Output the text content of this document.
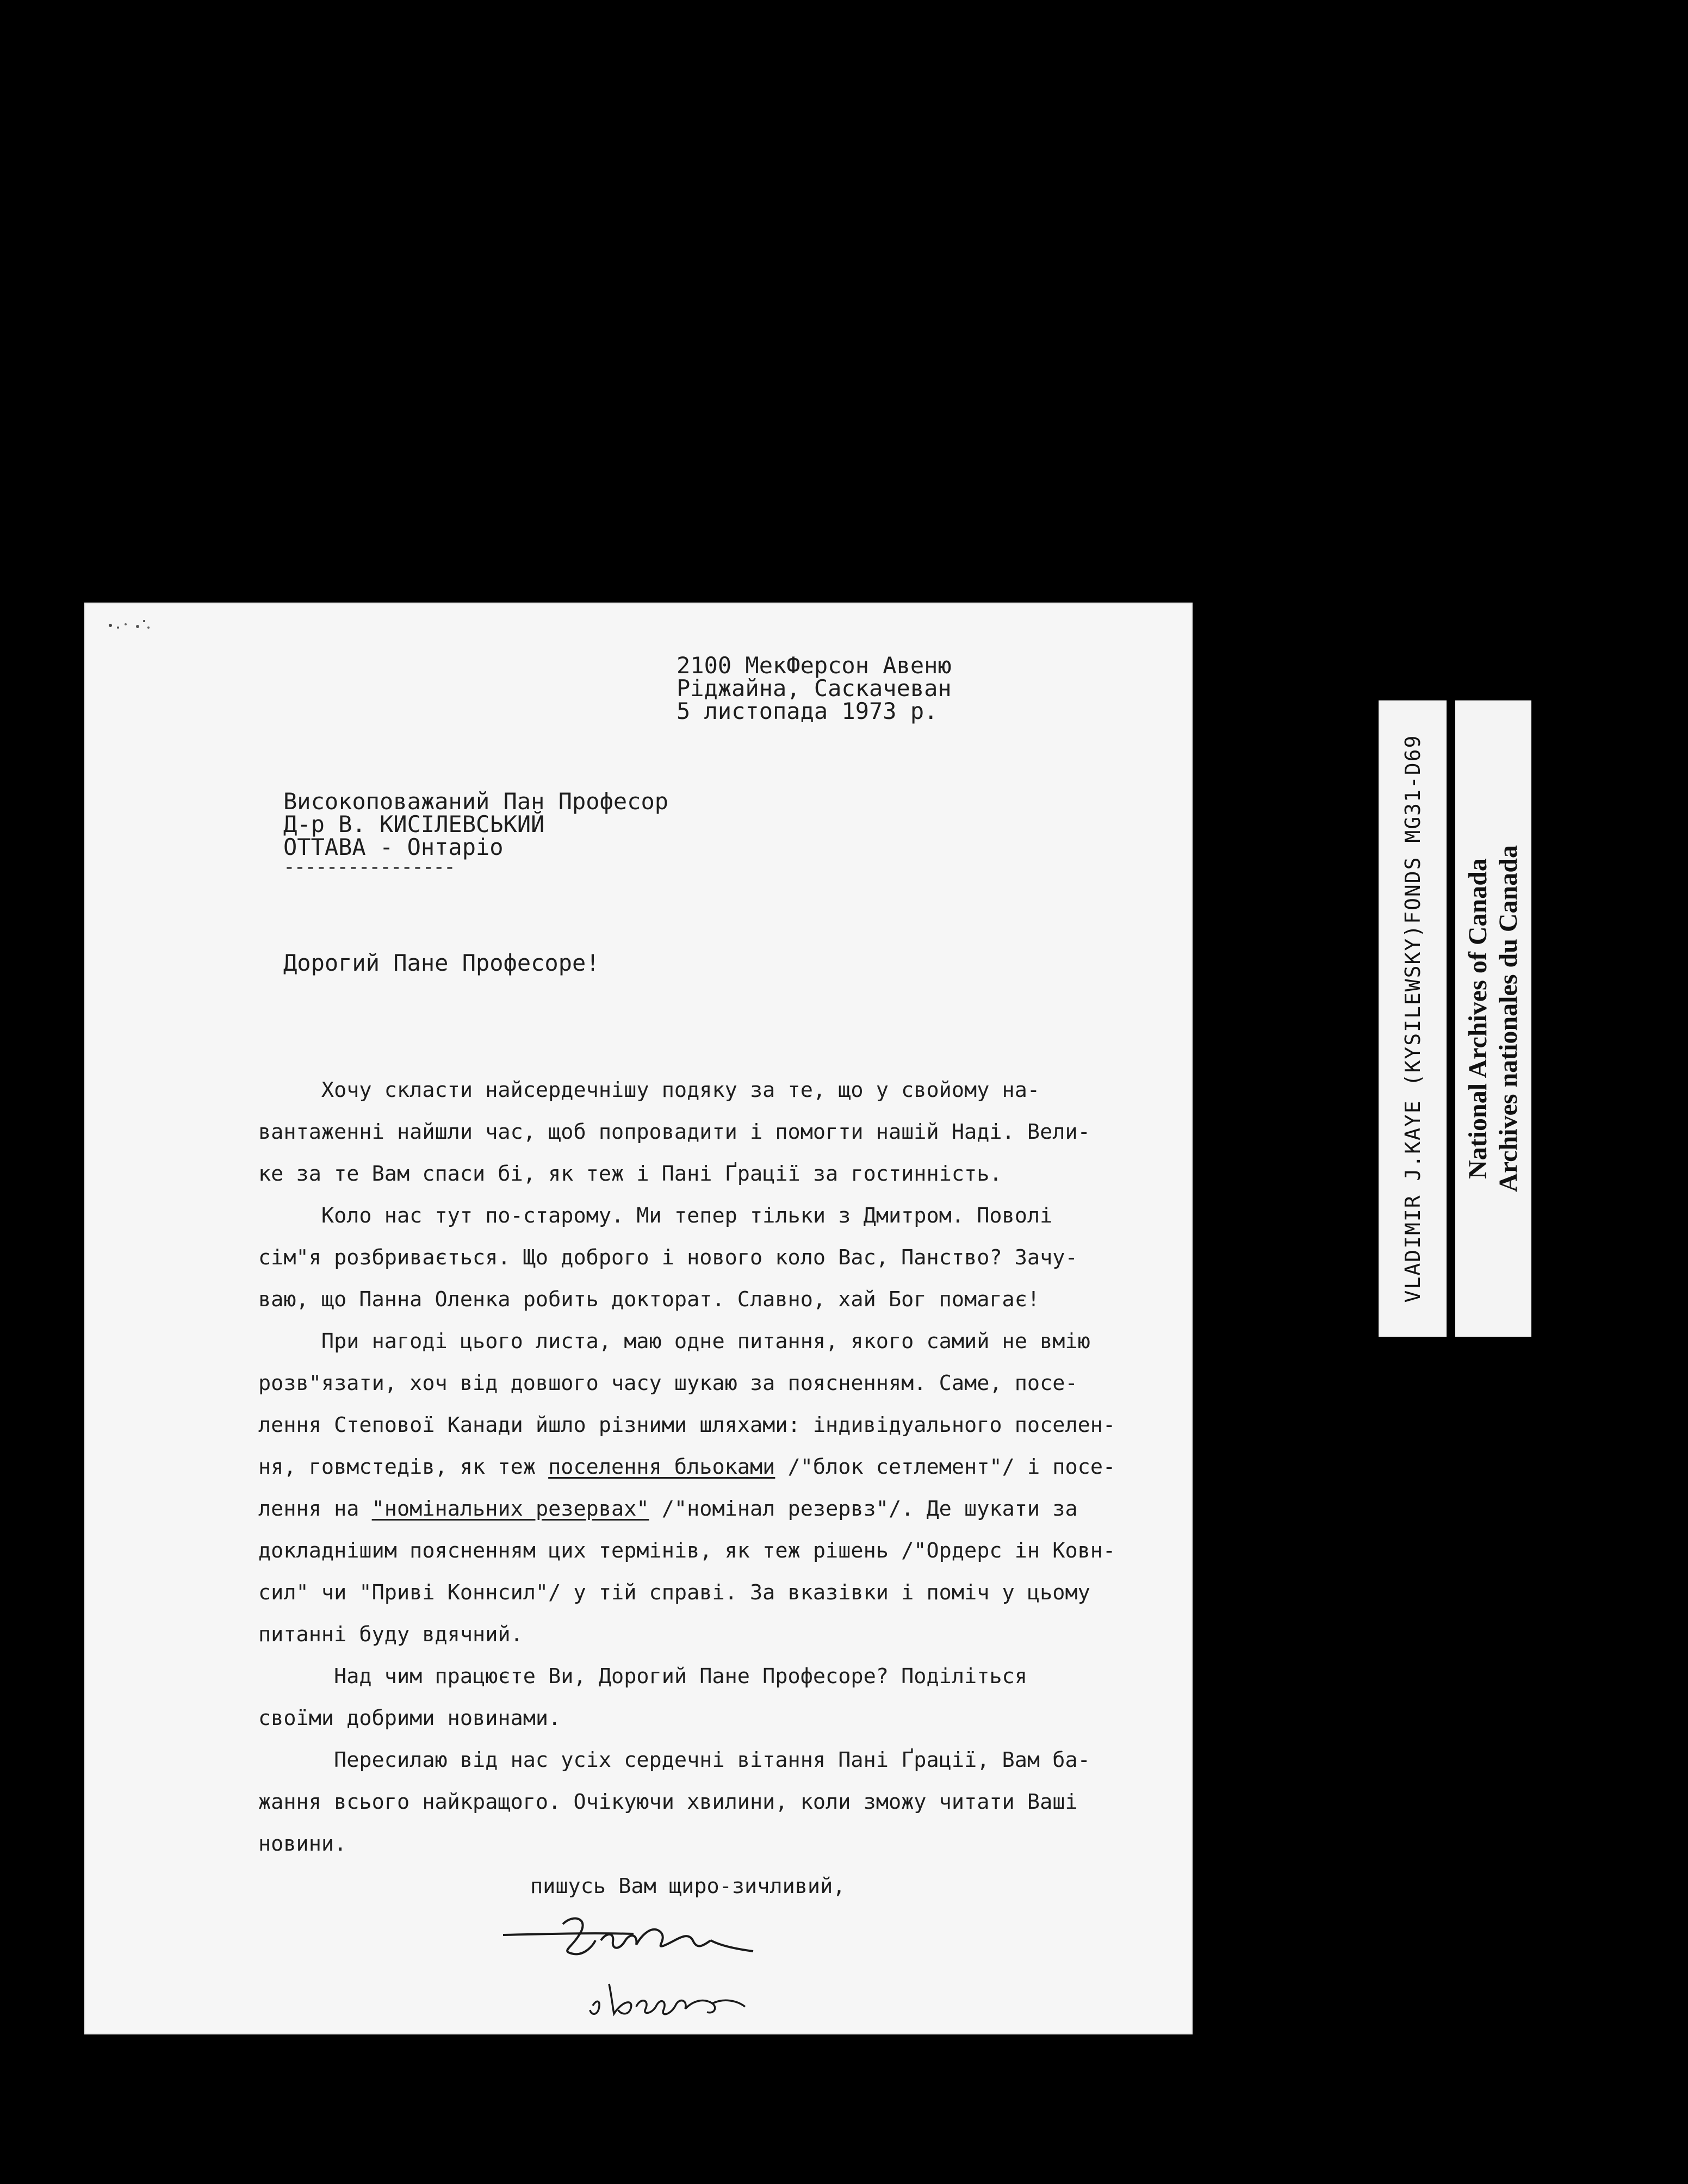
2100 МекФерсон Авеню
Ріджайна, Саскачеван
5 листопада 1973 р.
Високоповажаний Пан Професор
Д-р В. КИСІЛЕВСЬКИЙ
ОТТАВА - Онтаріо
----------------
Дорогий Пане Професоре!
Хочу скласти найсердечнішу подяку за те, що у свойому на-
вантаженні найшли час, щоб попровадити і помогти нашій Наді. Вели-
ке за те Вам спаси бі, як теж і Пані Ґрації за гостинність.
Коло нас тут по-старому. Ми тепер тільки з Дмитром. Поволі
сім"я розбривається. Що доброго і нового коло Вас, Панство? Зачу-
ваю, що Панна Оленка робить докторат. Славно, хай Бог помагає!
При нагоді цього листа, маю одне питання, якого самий не вмію
розв"язати, хоч від довшого часу шукаю за поясненням. Саме, посе-
лення Степової Канади йшло різними шляхами: індивідуального поселен-
ня, говмстедів, як теж поселення бльоками /"блок сетлемент"/ і посе-
лення на "номінальних резервах" /"номінал резервз"/. Де шукати за
докладнішим поясненням цих термінів, як теж рішень /"Ордерс ін Ковн-
сил" чи "Приві Коннсил"/ у тій справі. За вказівки і поміч у цьому
питанні буду вдячний.
Над чим працюєте Ви, Дорогий Пане Професоре? Поділіться
своїми добрими новинами.
Пересилаю від нас усіх сердечні вітання Пані Ґрації, Вам ба-
жання всього найкращого. Очікуючи хвилини, коли зможу читати Ваші
новини.
пишусь Вам щиро-зичливий,
VLADIMIR J.KAYE (KYSILEWSKY)FONDS MG31-D69 National Archives of Canada
Archives nationales du Canada
